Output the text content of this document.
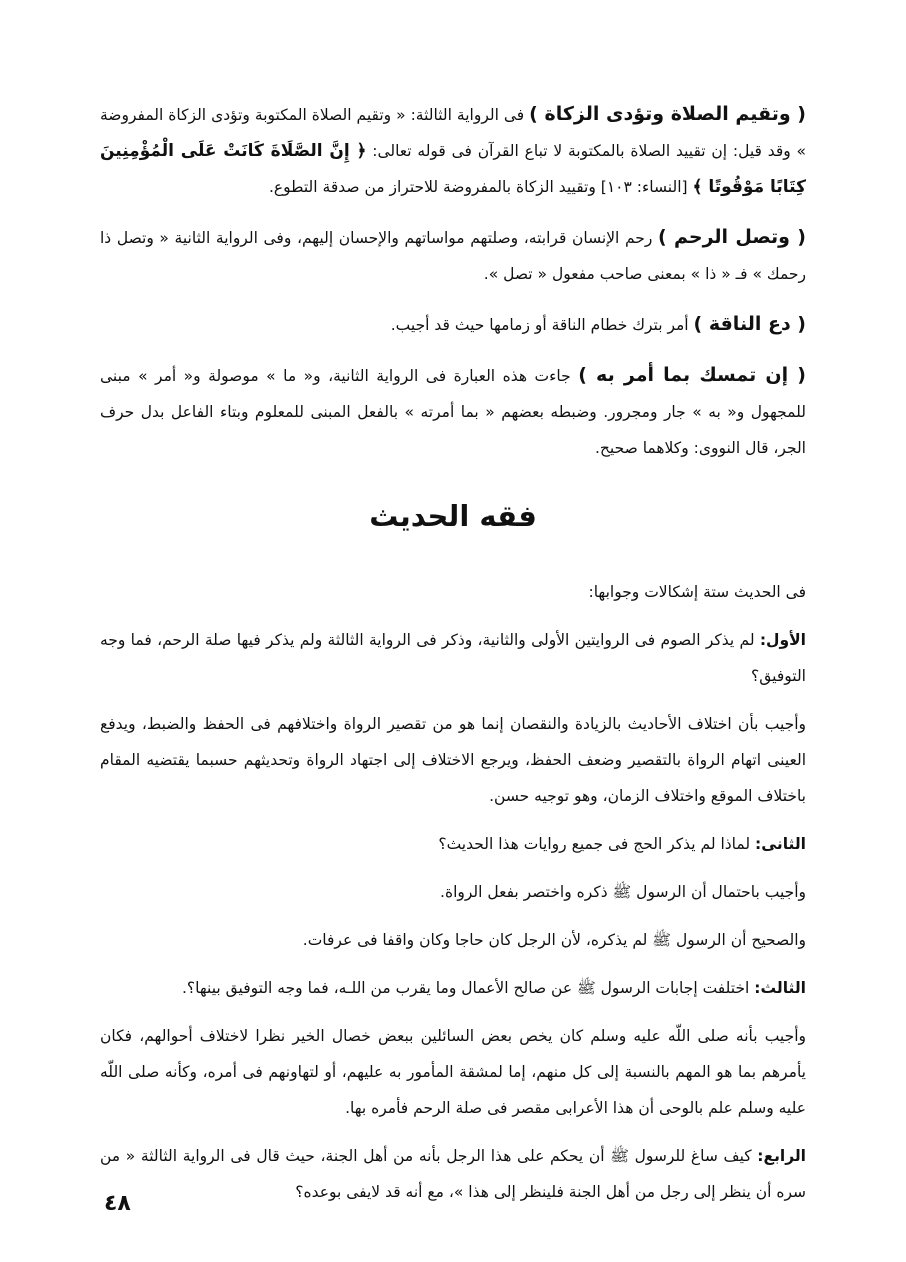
( وتقيم الصلاة وتؤدى الزكاة ) فى الرواية الثالثة: « وتقيم الصلاة المكتوبة وتؤدى الزكاة المفروضة » وقد قيل: إن تقييد الصلاة بالمكتوبة لا تباع القرآن فى قوله تعالى: ﴿ إِنَّ الصَّلَاةَ كَانَتْ عَلَى الْمُؤْمِنِينَ كِتَابًا مَوْقُوتًا ﴾ [النساء: ١٠٣] وتقييد الزكاة بالمفروضة للاحتراز من صدقة التطوع.

( وتصل الرحم ) رحم الإنسان قرابته، وصلتهم مواساتهم والإحسان إليهم، وفى الرواية الثانية « وتصل ذا رحمك » فـ « ذا » بمعنى صاحب مفعول « تصل ».

( دع الناقة ) أمر بترك خطام الناقة أو زمامها حيث قد أجيب.

( إن تمسك بما أمر به ) جاءت هذه العبارة فى الرواية الثانية، و« ما » موصولة و« أمر » مبنى للمجهول و« به » جار ومجرور. وضبطه بعضهم « بما أمرته » بالفعل المبنى للمعلوم وبتاء الفاعل بدل حرف الجر، قال النووى: وكلاهما صحيح.

فقه الحديث

فى الحديث ستة إشكالات وجوابها:

الأول: لم يذكر الصوم فى الروايتين الأولى والثانية، وذكر فى الرواية الثالثة ولم يذكر فيها صلة الرحم، فما وجه التوفيق؟

وأجيب بأن اختلاف الأحاديث بالزيادة والنقصان إنما هو من تقصير الرواة واختلافهم فى الحفظ والضبط، ويدفع العينى اتهام الرواة بالتقصير وضعف الحفظ، ويرجع الاختلاف إلى اجتهاد الرواة وتحديثهم حسبما يقتضيه المقام باختلاف الموقع واختلاف الزمان، وهو توجيه حسن.

الثانى: لماذا لم يذكر الحج فى جميع روايات هذا الحديث؟

وأجيب باحتمال أن الرسول ﷺ ذكره واختصر بفعل الرواة.

والصحيح أن الرسول ﷺ لم يذكره، لأن الرجل كان حاجا وكان واقفا فى عرفات.

الثالث: اختلفت إجابات الرسول ﷺ عن صالح الأعمال وما يقرب من اللـه، فما وجه التوفيق بينها؟.

وأجيب بأنه صلى اللّه عليه وسلم كان يخص بعض السائلين ببعض خصال الخير نظرا لاختلاف أحوالهم، فكان يأمرهم بما هو المهم بالنسبة إلى كل منهم، إما لمشقة المأمور به عليهم، أو لتهاونهم فى أمره، وكأنه صلى اللّه عليه وسلم علم بالوحى أن هذا الأعرابى مقصر فى صلة الرحم فأمره بها.

الرابع: كيف ساغ للرسول ﷺ أن يحكم على هذا الرجل بأنه من أهل الجنة، حيث قال فى الرواية الثالثة « من سره أن ينظر إلى رجل من أهل الجنة فلينظر إلى هذا »، مع أنه قد لايفى بوعده؟

٤٨
